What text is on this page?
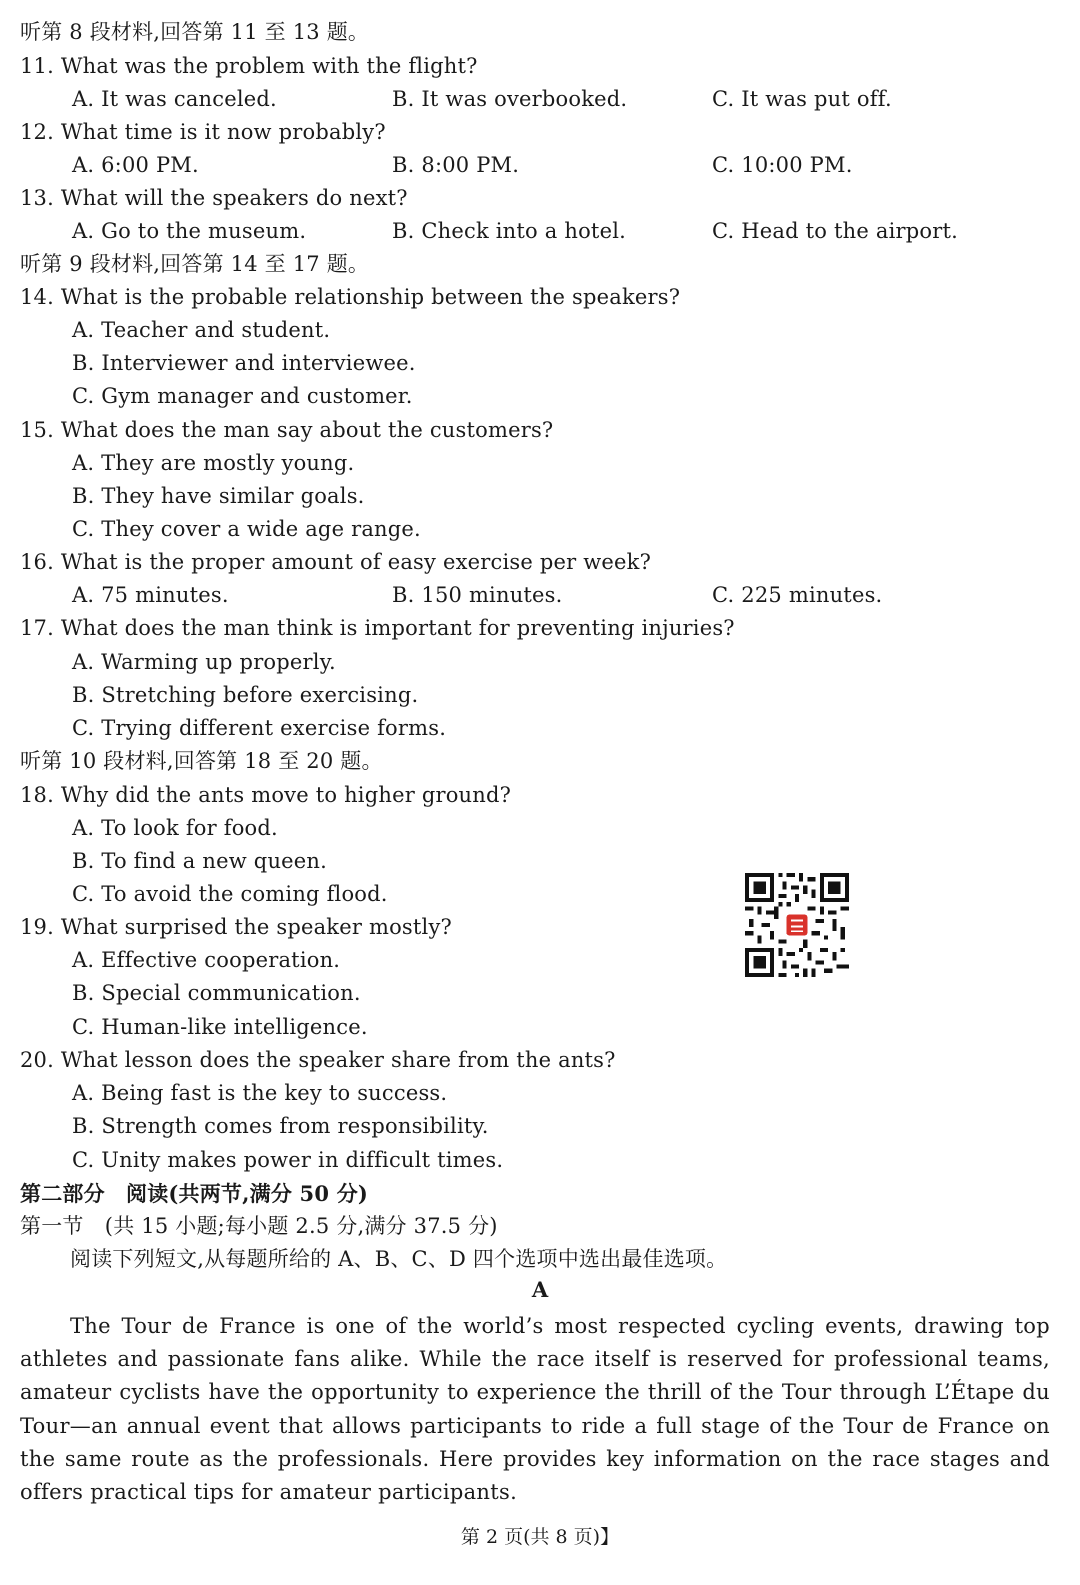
听第 8 段材料,回答第 11 至 13 题。
11. What was the problem with the flight?
A. It was canceled.	B. It was overbooked.	C. It was put off.
12. What time is it now probably?
A. 6:00 PM.	B. 8:00 PM.	C. 10:00 PM.
13. What will the speakers do next?
A. Go to the museum.	B. Check into a hotel.	C. Head to the airport.
听第 9 段材料,回答第 14 至 17 题。
14. What is the probable relationship between the speakers?
A. Teacher and student.
B. Interviewer and interviewee.
C. Gym manager and customer.
15. What does the man say about the customers?
A. They are mostly young.
B. They have similar goals.
C. They cover a wide age range.
16. What is the proper amount of easy exercise per week?
A. 75 minutes.	B. 150 minutes.	C. 225 minutes.
17. What does the man think is important for preventing injuries?
A. Warming up properly.
B. Stretching before exercising.
C. Trying different exercise forms.
听第 10 段材料,回答第 18 至 20 题。
18. Why did the ants move to higher ground?
A. To look for food.
B. To find a new queen.
C. To avoid the coming flood.
19. What surprised the speaker mostly?
A. Effective cooperation.
B. Special communication.
C. Human-like intelligence.
20. What lesson does the speaker share from the ants?
A. Being fast is the key to success.
B. Strength comes from responsibility.
C. Unity makes power in difficult times.
第二部分　阅读(共两节,满分 50 分)
第一节　(共 15 小题;每小题 2.5 分,满分 37.5 分)
阅读下列短文,从每题所给的 A、B、C、D 四个选项中选出最佳选项。
A

The Tour de France is one of the world’s most respected cycling events, drawing top athletes and passionate fans alike. While the race itself is reserved for professional teams, amateur cyclists have the opportunity to experience the thrill of the Tour through L’Étape du Tour—an annual event that allows participants to ride a full stage of the Tour de France on the same route as the professionals. Here provides key information on the race stages and offers practical tips for amateur participants.

第 2 页(共 8 页)】
